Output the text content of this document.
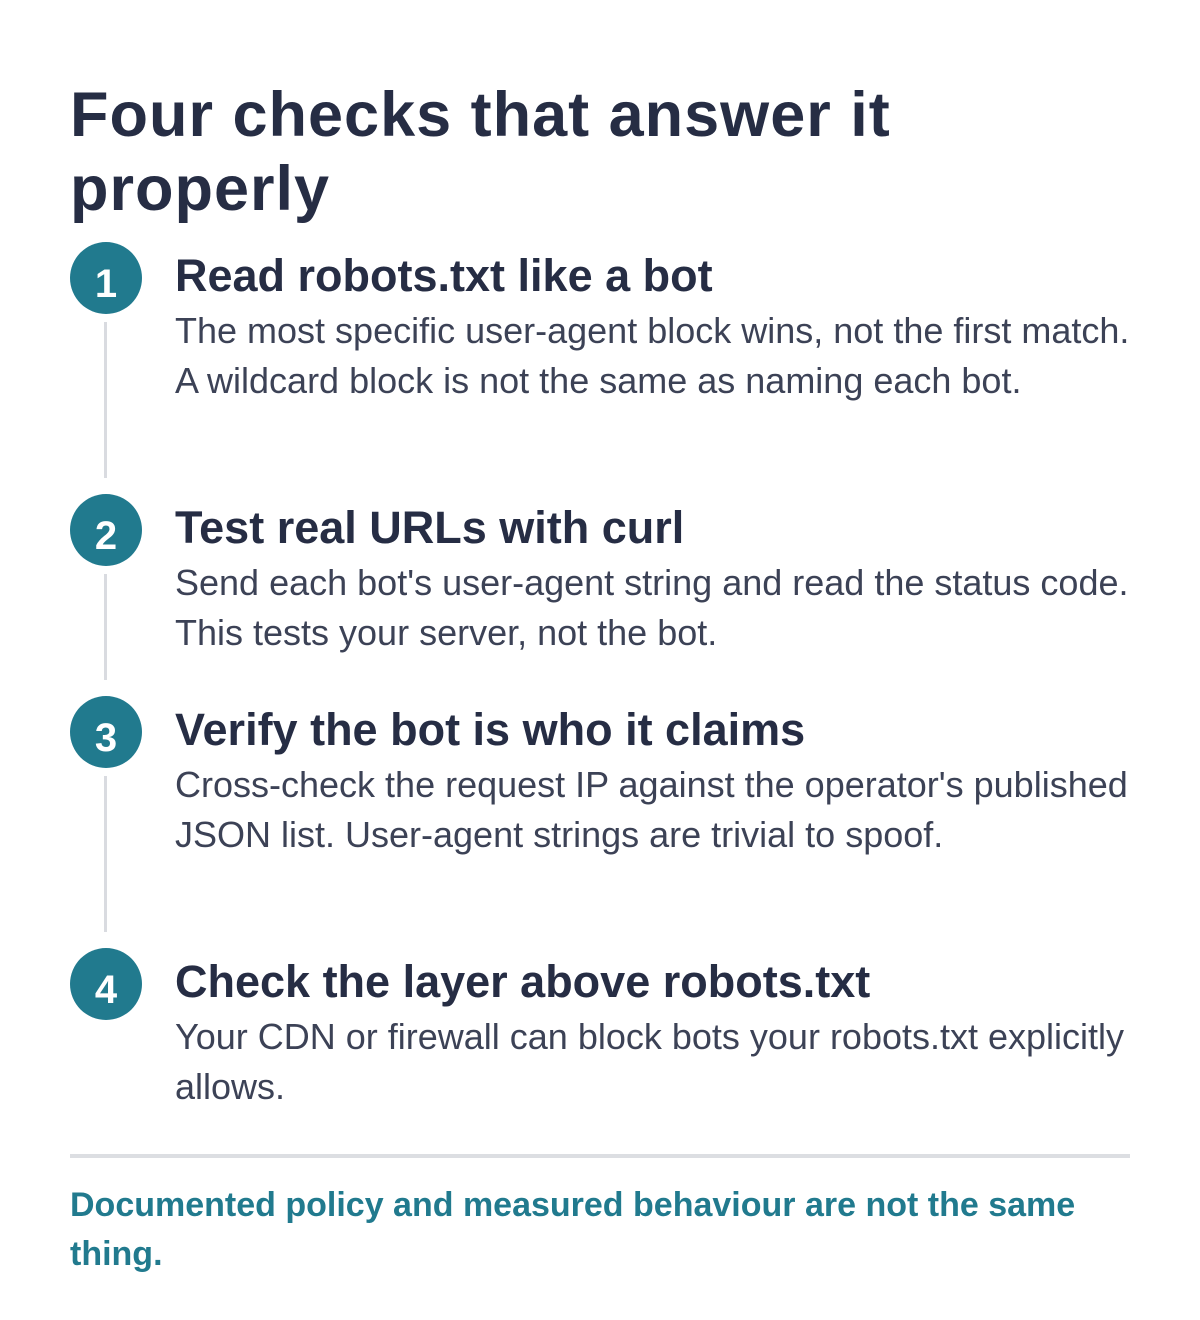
Four checks that answer it properly
1	Read robots.txt like a bot

The most specific user-agent block wins, not the first match. A wildcard block is not the same as naming each bot.

2	Test real URLs with curl

Send each bot's user-agent string and read the status code. This tests your server, not the bot.

3	Verify the bot is who it claims

Cross-check the request IP against the operator's published JSON list. User-agent strings are trivial to spoof.

4	Check the layer above robots.txt

Your CDN or firewall can block bots your robots.txt explicitly allows.

Documented policy and measured behaviour are not the same thing.
